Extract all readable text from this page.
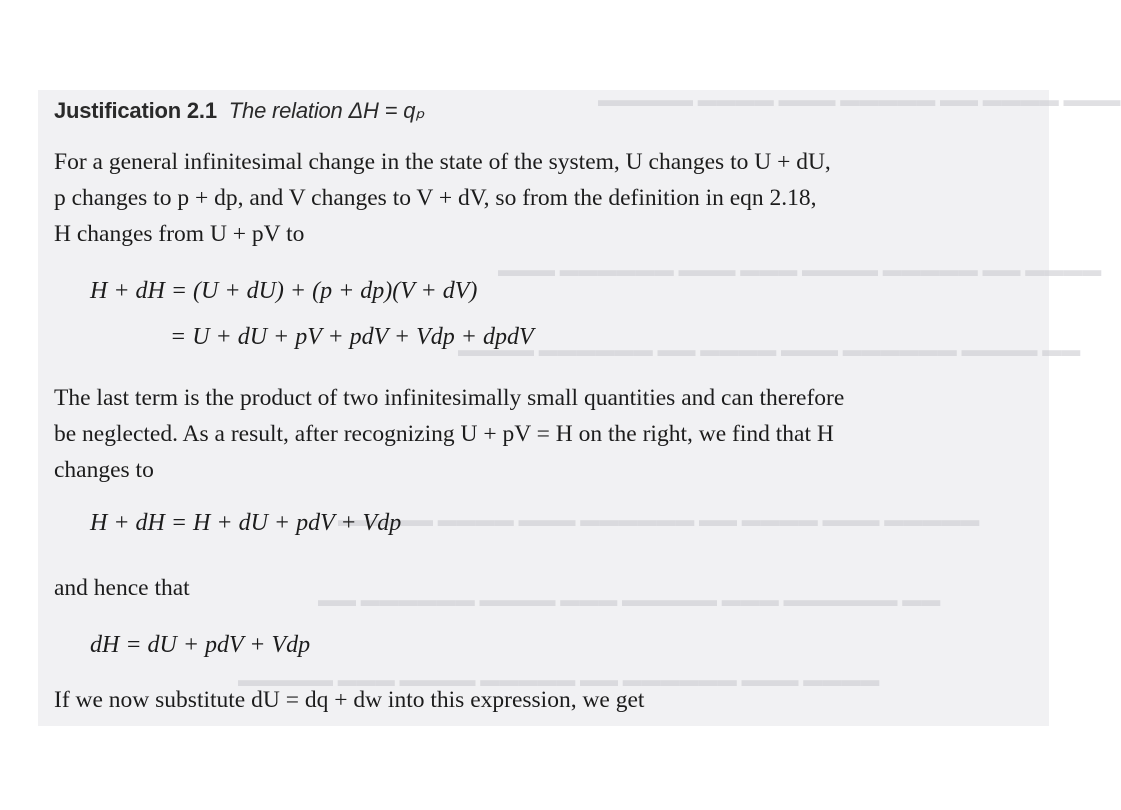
▬▬▬ ▬▬▬▬ ▬▬ ▬▬▬▬▬ ▬▬▬ ▬▬▬▬ ▬▬▬▬▬
▬▬▬▬ ▬▬ ▬▬▬▬▬ ▬▬▬▬ ▬▬▬ ▬▬▬ ▬▬▬▬▬▬ ▬▬▬
▬▬ ▬▬▬▬ ▬▬▬▬▬▬ ▬▬▬ ▬▬▬▬ ▬▬ ▬▬▬▬▬▬ ▬▬▬▬
▬▬▬▬▬ ▬▬▬ ▬▬▬▬ ▬▬ ▬▬▬▬▬▬ ▬▬▬ ▬▬▬▬ ▬▬▬▬▬
▬▬ ▬▬▬▬▬▬ ▬▬▬ ▬▬▬▬▬ ▬▬▬ ▬▬▬▬ ▬▬▬▬▬▬ ▬▬
▬▬▬▬ ▬▬▬ ▬▬▬▬▬▬ ▬▬ ▬▬▬▬▬ ▬▬▬▬ ▬▬▬ ▬▬▬▬▬
Justification 2.1 The relation ΔH = qₚ
For a general infinitesimal change in the state of the system, U changes to U + dU,
p changes to p + dp, and V changes to V + dV, so from the definition in eqn 2.18,
H changes from U + pV to
H + dH = (U + dU) + (p + dp)(V + dV)
= U + dU + pV + pdV + Vdp + dpdV
The last term is the product of two infinitesimally small quantities and can therefore
be neglected. As a result, after recognizing U + pV = H on the right, we find that H
changes to
H + dH = H + dU + pdV + Vdp
and hence that
dH = dU + pdV + Vdp
If we now substitute dU = dq + dw into this expression, we get
